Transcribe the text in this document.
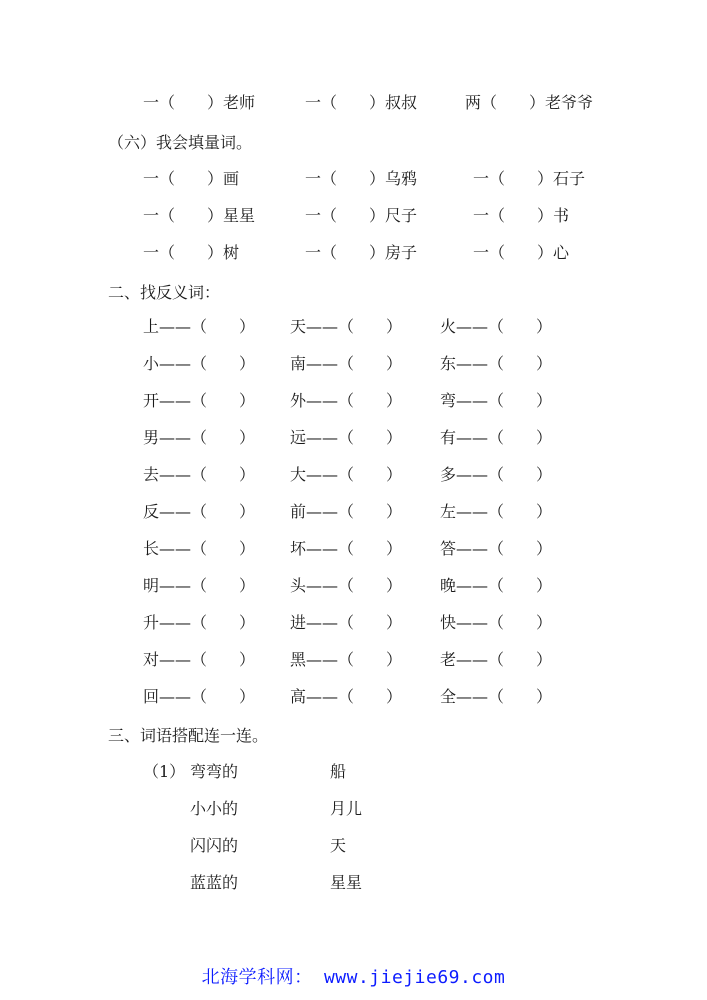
一（　　）老师	一（　　）叔叔	两（　　）老爷爷
（六）我会填量词。
一（　　）画	一（　　）乌鸦	一（　　）石子
一（　　）星星	一（　　）尺子	一（　　）书
一（　　）树	一（　　）房子	一（　　）心
二、找反义词：
上——（　　） 天——（　　） 火——（　　）
小——（　　） 南——（　　） 东——（　　）
开——（　　） 外——（　　） 弯——（　　）
男——（　　） 远——（　　） 有——（　　）
去——（　　） 大——（　　） 多——（　　）
反——（　　） 前——（　　） 左——（　　）
长——（　　） 坏——（　　） 答——（　　）
明——（　　） 头——（　　） 晚——（　　）
升——（　　） 进——（　　） 快——（　　）
对——（　　） 黑——（　　） 老——（　　）
回——（　　） 高——（　　） 全——（　　）
三、词语搭配连一连。
（1） 弯弯的	船
小小的	月儿
闪闪的	天
蓝蓝的	星星
北海学科网： www.jiejie69.com
